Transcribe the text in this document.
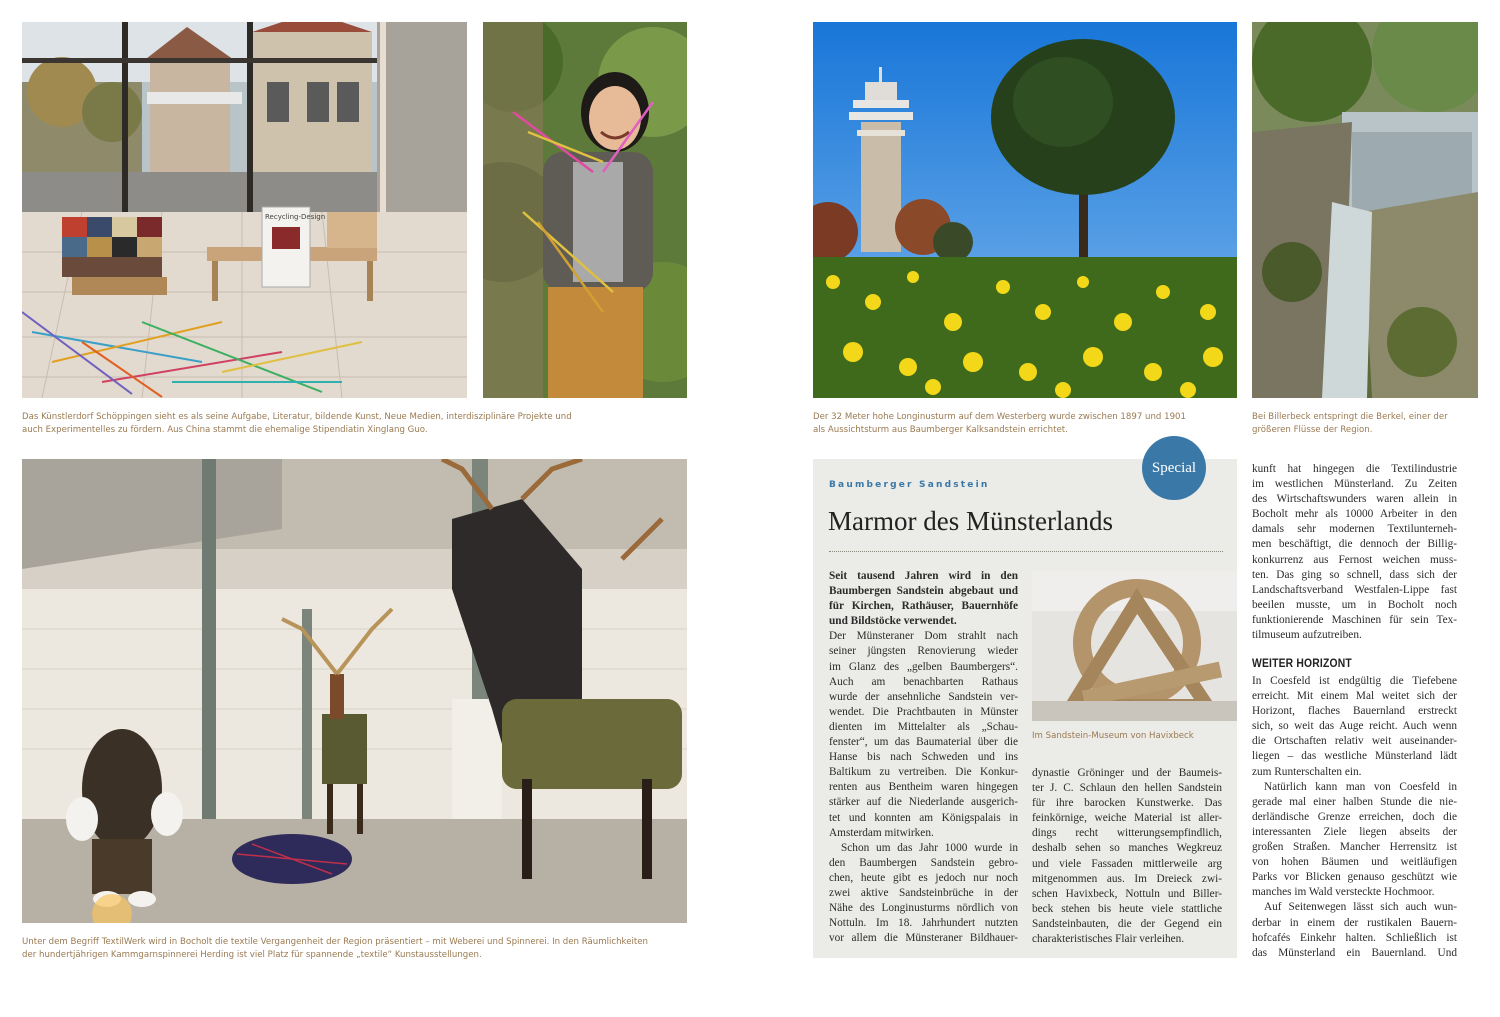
Recycling-Design
Das Künstlerdorf Schöppingen sieht es als seine Aufgabe, Literatur, bildende Kunst, Neue Medien, interdisziplinäre Projekte und
auch Experimentelles zu fördern. Aus China stammt die ehemalige Stipendiatin Xinglang Guo.
Der 32 Meter hohe Longinusturm auf dem Westerberg wurde zwischen 1897 und 1901
als Aussichtsturm aus Baumberger Kalksandstein errichtet.
Bei Billerbeck entspringt die Berkel, einer der
größeren Flüsse der Region.
Unter dem Begriff TextilWerk wird in Bocholt die textile Vergangenheit der Region präsentiert – mit Weberei und Spinnerei. In den Räumlichkeiten
der hundertjährigen Kammgarnspinnerei Herding ist viel Platz für spannende „textile“ Kunstausstellungen.
Special
Baumberger Sandstein
Marmor des Münsterlands
Im Sandstein-Museum von Havixbeck
Seit tausend Jahren wird in den
Baumbergen Sandstein abgebaut und
für Kirchen, Rathäuser, Bauernhöfe
und Bildstöcke verwendet.
Der Münsteraner Dom strahlt nach
seiner jüngsten Renovierung wieder
im Glanz des „gelben Baumbergers“.
Auch am benachbarten Rathaus
wurde der ansehnliche Sandstein ver-
wendet. Die Prachtbauten in Münster
dienten im Mittelalter als „Schau-
fenster“, um das Baumaterial über die
Hanse bis nach Schweden und ins
Baltikum zu vertreiben. Die Konkur-
renten aus Bentheim waren hingegen
stärker auf die Niederlande ausgerich-
tet und konnten am Königspalais in
Amsterdam mitwirken.
Schon um das Jahr 1000 wurde in
den Baumbergen Sandstein gebro-
chen, heute gibt es jedoch nur noch
zwei aktive Sandsteinbrüche in der
Nähe des Longinusturms nördlich von
Nottuln. Im 18. Jahrhundert nutzten
vor allem die Münsteraner Bildhauer-
dynastie Gröninger und der Baumeis-
ter J. C. Schlaun den hellen Sandstein
für ihre barocken Kunstwerke. Das
feinkörnige, weiche Material ist aller-
dings recht witterungsempfindlich,
deshalb sehen so manches Wegkreuz
und viele Fassaden mittlerweile arg
mitgenommen aus. Im Dreieck zwi-
schen Havixbeck, Nottuln und Biller-
beck stehen bis heute viele stattliche
Sandsteinbauten, die der Gegend ein
charakteristisches Flair verleihen.
kunft hat hingegen die Textilindustrie
im westlichen Münsterland. Zu Zeiten
des Wirtschaftswunders waren allein in
Bocholt mehr als 10000 Arbeiter in den
damals sehr modernen Textilunterneh-
men beschäftigt, die dennoch der Billig-
konkurrenz aus Fernost weichen muss-
ten. Das ging so schnell, dass sich der
Landschaftsverband Westfalen-Lippe fast
beeilen musste, um in Bocholt noch
funktionierende Maschinen für sein Tex-
tilmuseum aufzutreiben.
WEITER HORIZONT
In Coesfeld ist endgültig die Tiefebene
erreicht. Mit einem Mal weitet sich der
Horizont, flaches Bauernland erstreckt
sich, so weit das Auge reicht. Auch wenn
die Ortschaften relativ weit auseinander-
liegen – das westliche Münsterland lädt
zum Runterschalten ein.
Natürlich kann man von Coesfeld in
gerade mal einer halben Stunde die nie-
derländische Grenze erreichen, doch die
interessanten Ziele liegen abseits der
großen Straßen. Mancher Herrensitz ist
von hohen Bäumen und weitläufigen
Parks vor Blicken genauso geschützt wie
manches im Wald versteckte Hochmoor.
Auf Seitenwegen lässt sich auch wun-
derbar in einem der rustikalen Bauern-
hofcafés Einkehr halten. Schließlich ist
das Münsterland ein Bauernland. Und
